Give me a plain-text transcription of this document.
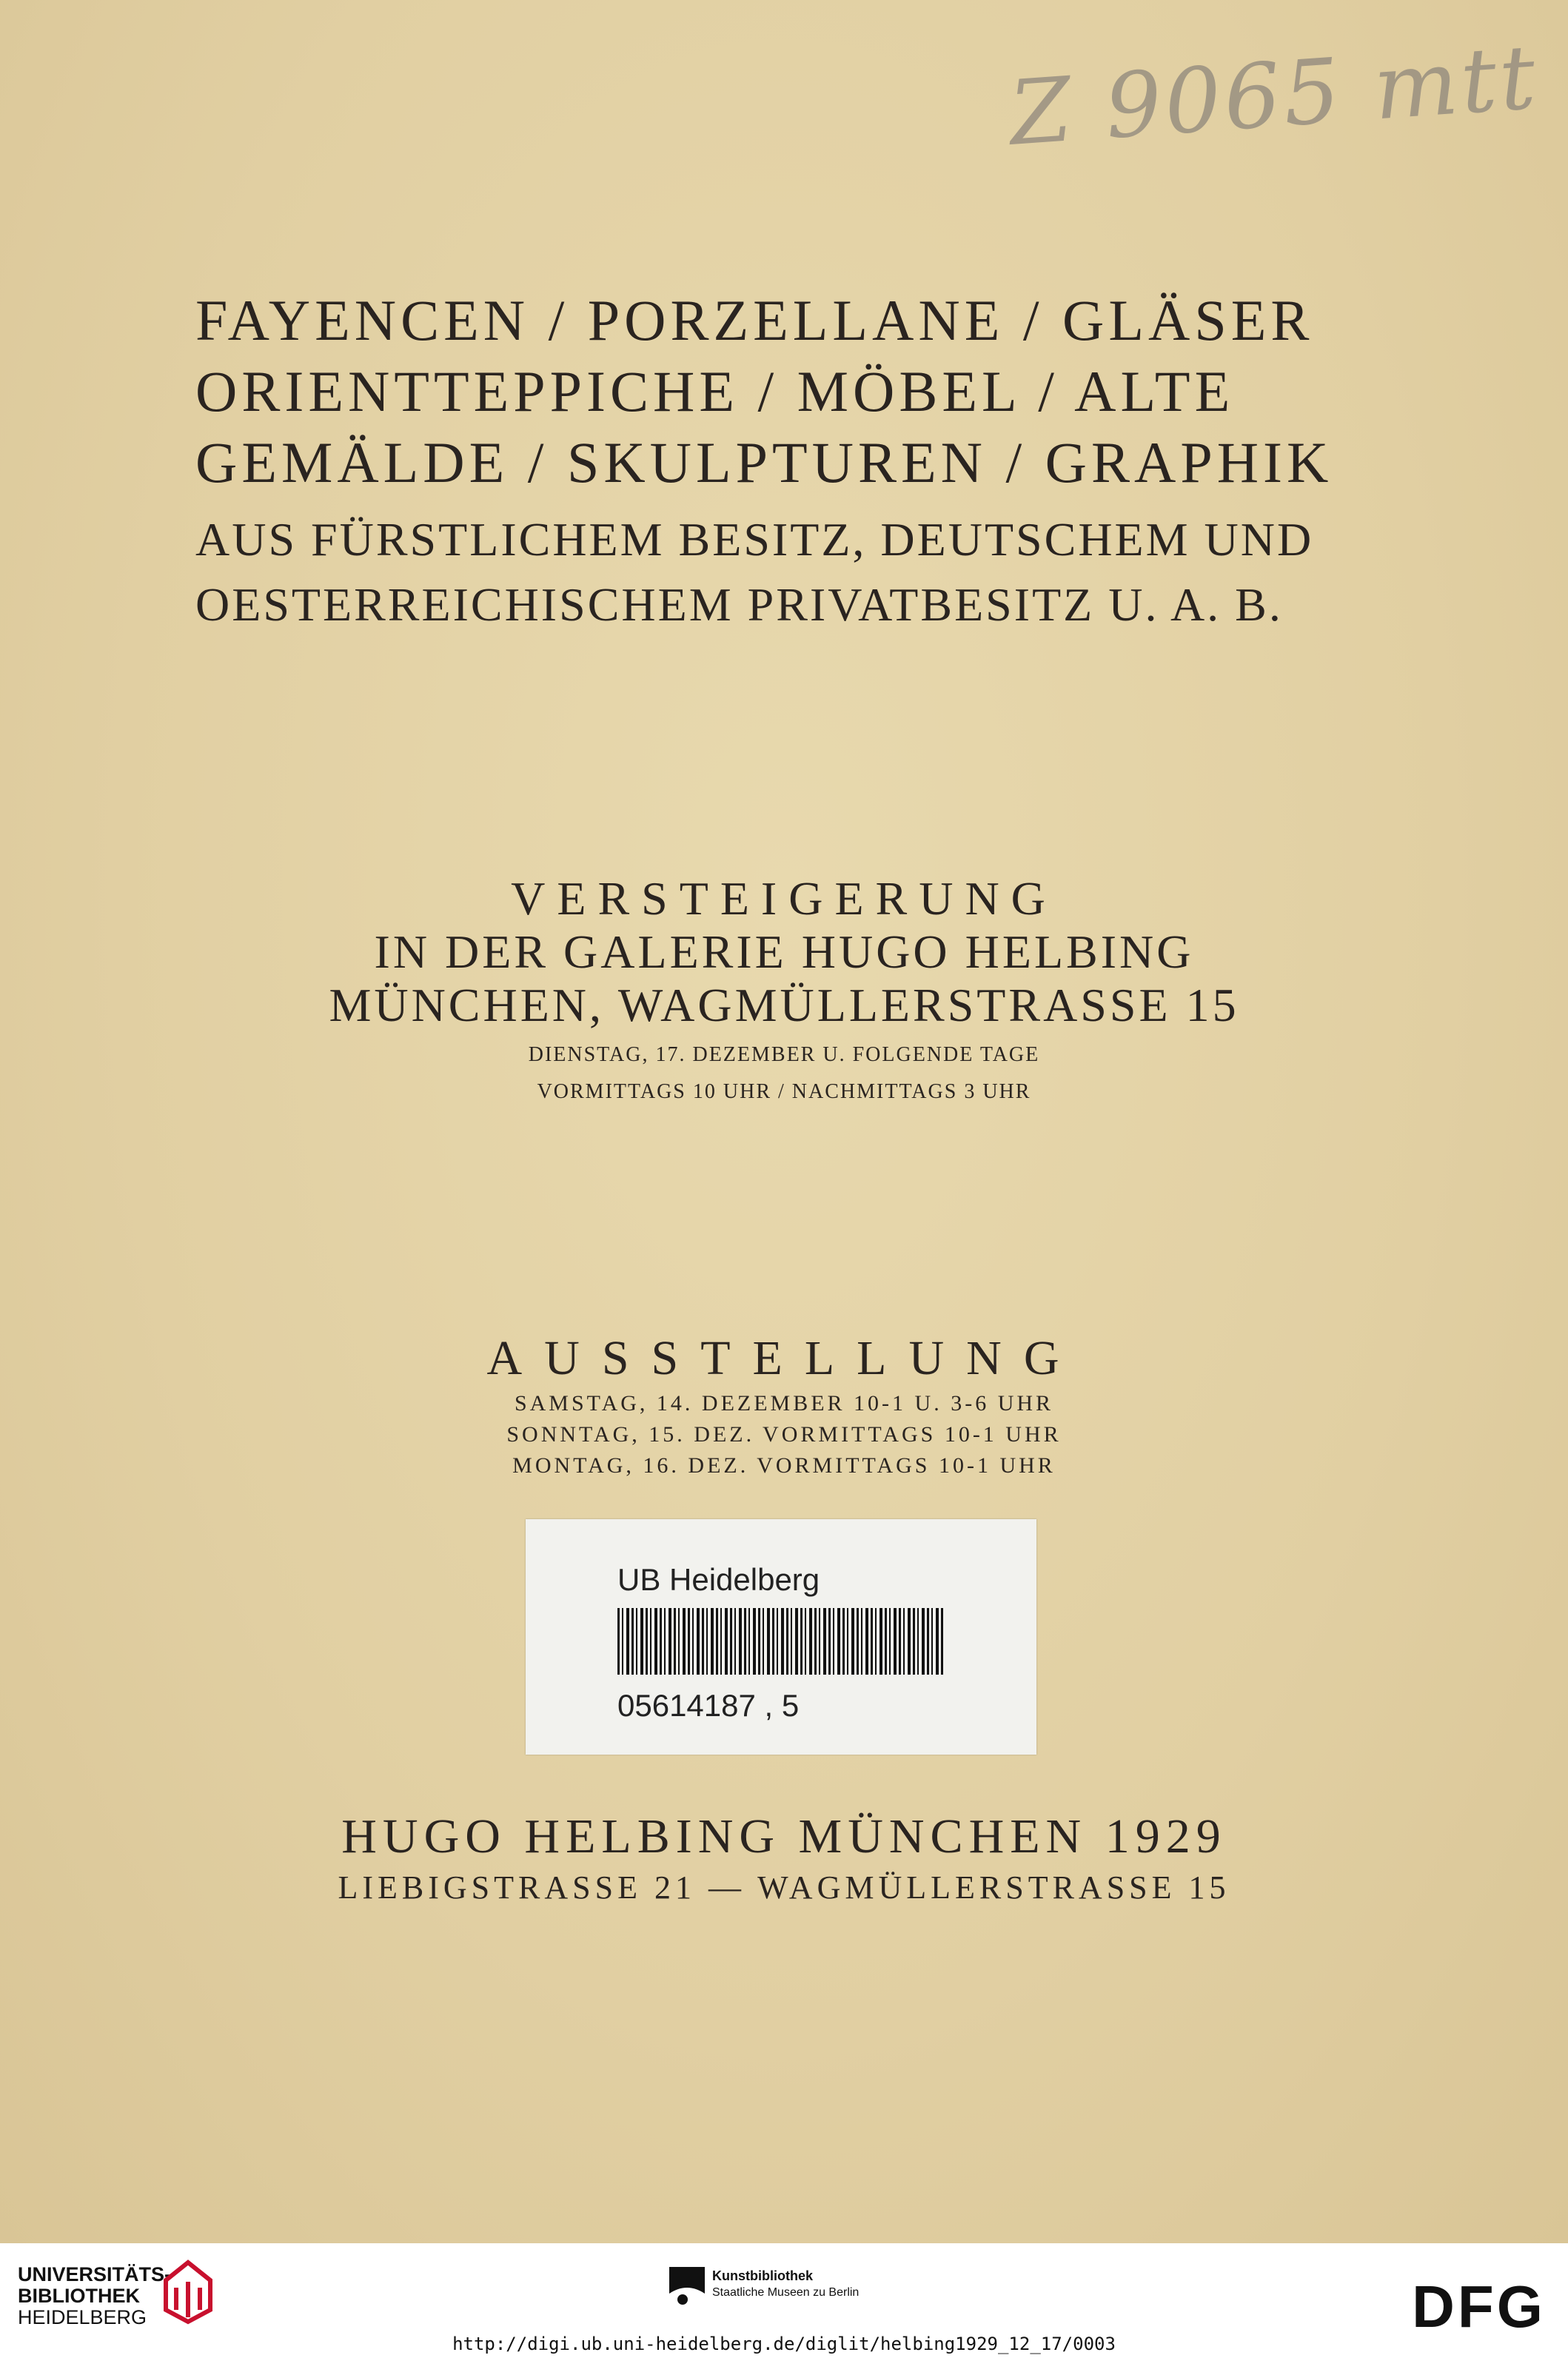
Z 9065 mtt
FAYENCEN / PORZELLANE / GLÄSER
ORIENTTEPPICHE / MÖBEL / ALTE
GEMÄLDE / SKULPTUREN / GRAPHIK
AUS FÜRSTLICHEM BESITZ, DEUTSCHEM UND
OESTERREICHISCHEM PRIVATBESITZ U. A. B.
VERSTEIGERUNG
IN DER GALERIE HUGO HELBING
MÜNCHEN, WAGMÜLLERSTRASSE 15
DIENSTAG, 17. DEZEMBER U. FOLGENDE TAGE
VORMITTAGS 10 UHR / NACHMITTAGS 3 UHR
AUSSTELLUNG
SAMSTAG, 14. DEZEMBER 10-1 U. 3-6 UHR
SONNTAG, 15. DEZ. VORMITTAGS 10-1 UHR
MONTAG, 16. DEZ. VORMITTAGS 10-1 UHR
UB Heidelberg
05614187 , 5
HUGO HELBING MÜNCHEN 1929
LIEBIGSTRASSE 21 — WAGMÜLLERSTRASSE 15
UNIVERSITÄTS-
BIBLIOTHEK
HEIDELBERG
Kunstbibliothek
Staatliche Museen zu Berlin	DFG
http://digi.ub.uni-heidelberg.de/diglit/helbing1929_12_17/0003
